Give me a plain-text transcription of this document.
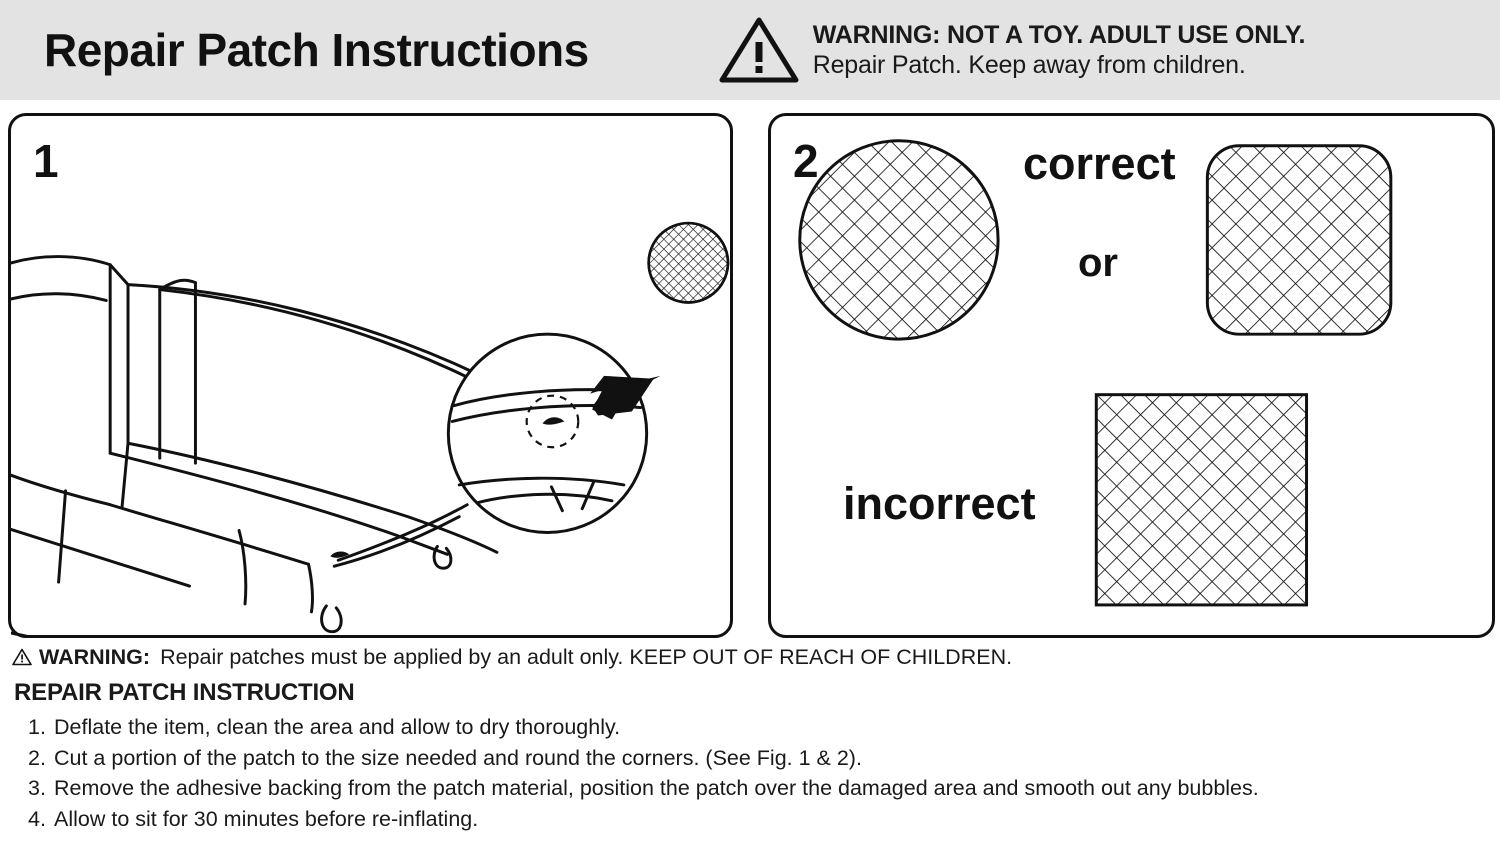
Repair Patch Instructions	WARNING: NOT A TOY. ADULT USE ONLY.
Repair Patch. Keep away from children.
1	2	correct
or
incorrect
WARNING: Repair patches must be applied by an adult only. KEEP OUT OF REACH OF CHILDREN.
REPAIR PATCH INSTRUCTION
1. Deflate the item, clean the area and allow to dry thoroughly.
2. Cut a portion of the patch to the size needed and round the corners. (See Fig. 1 & 2).
3. Remove the adhesive backing from the patch material, position the patch over the damaged area and smooth out any bubbles.
4. Allow to sit for 30 minutes before re-inflating.
